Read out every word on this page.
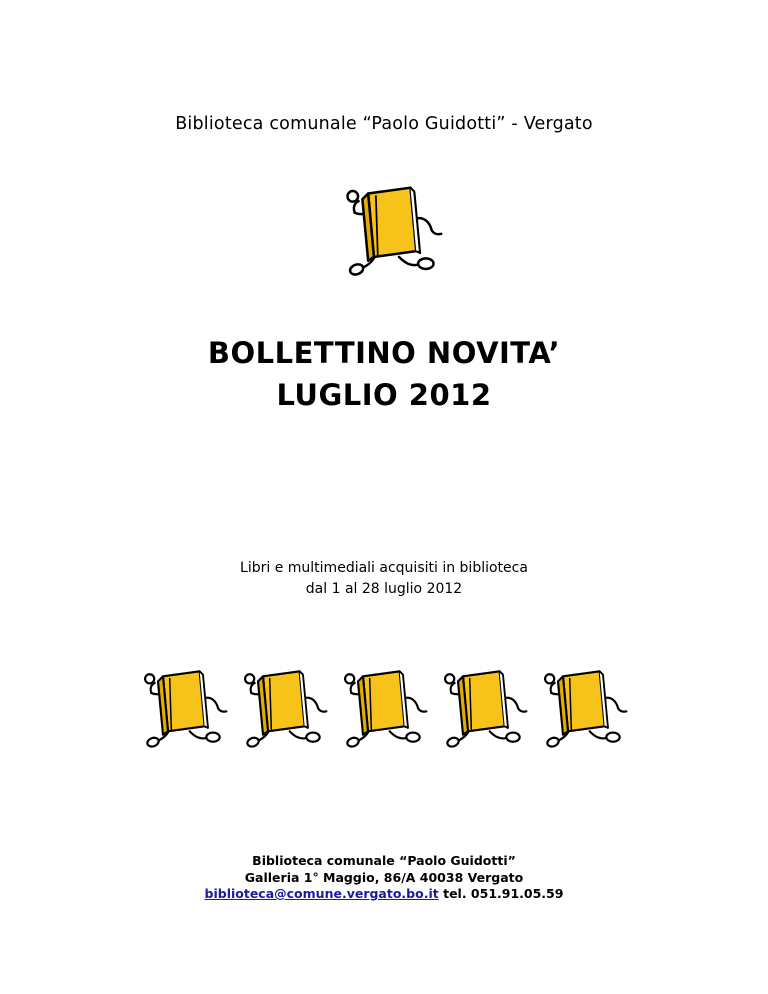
Biblioteca comunale “Paolo Guidotti” - Vergato
BOLLETTINO NOVITA’
LUGLIO 2012
Libri e multimediali acquisiti in biblioteca
dal 1 al 28 luglio 2012
Biblioteca comunale “Paolo Guidotti”
Galleria 1° Maggio, 86/A 40038 Vergato
biblioteca@comune.vergato.bo.it tel. 051.91.05.59
